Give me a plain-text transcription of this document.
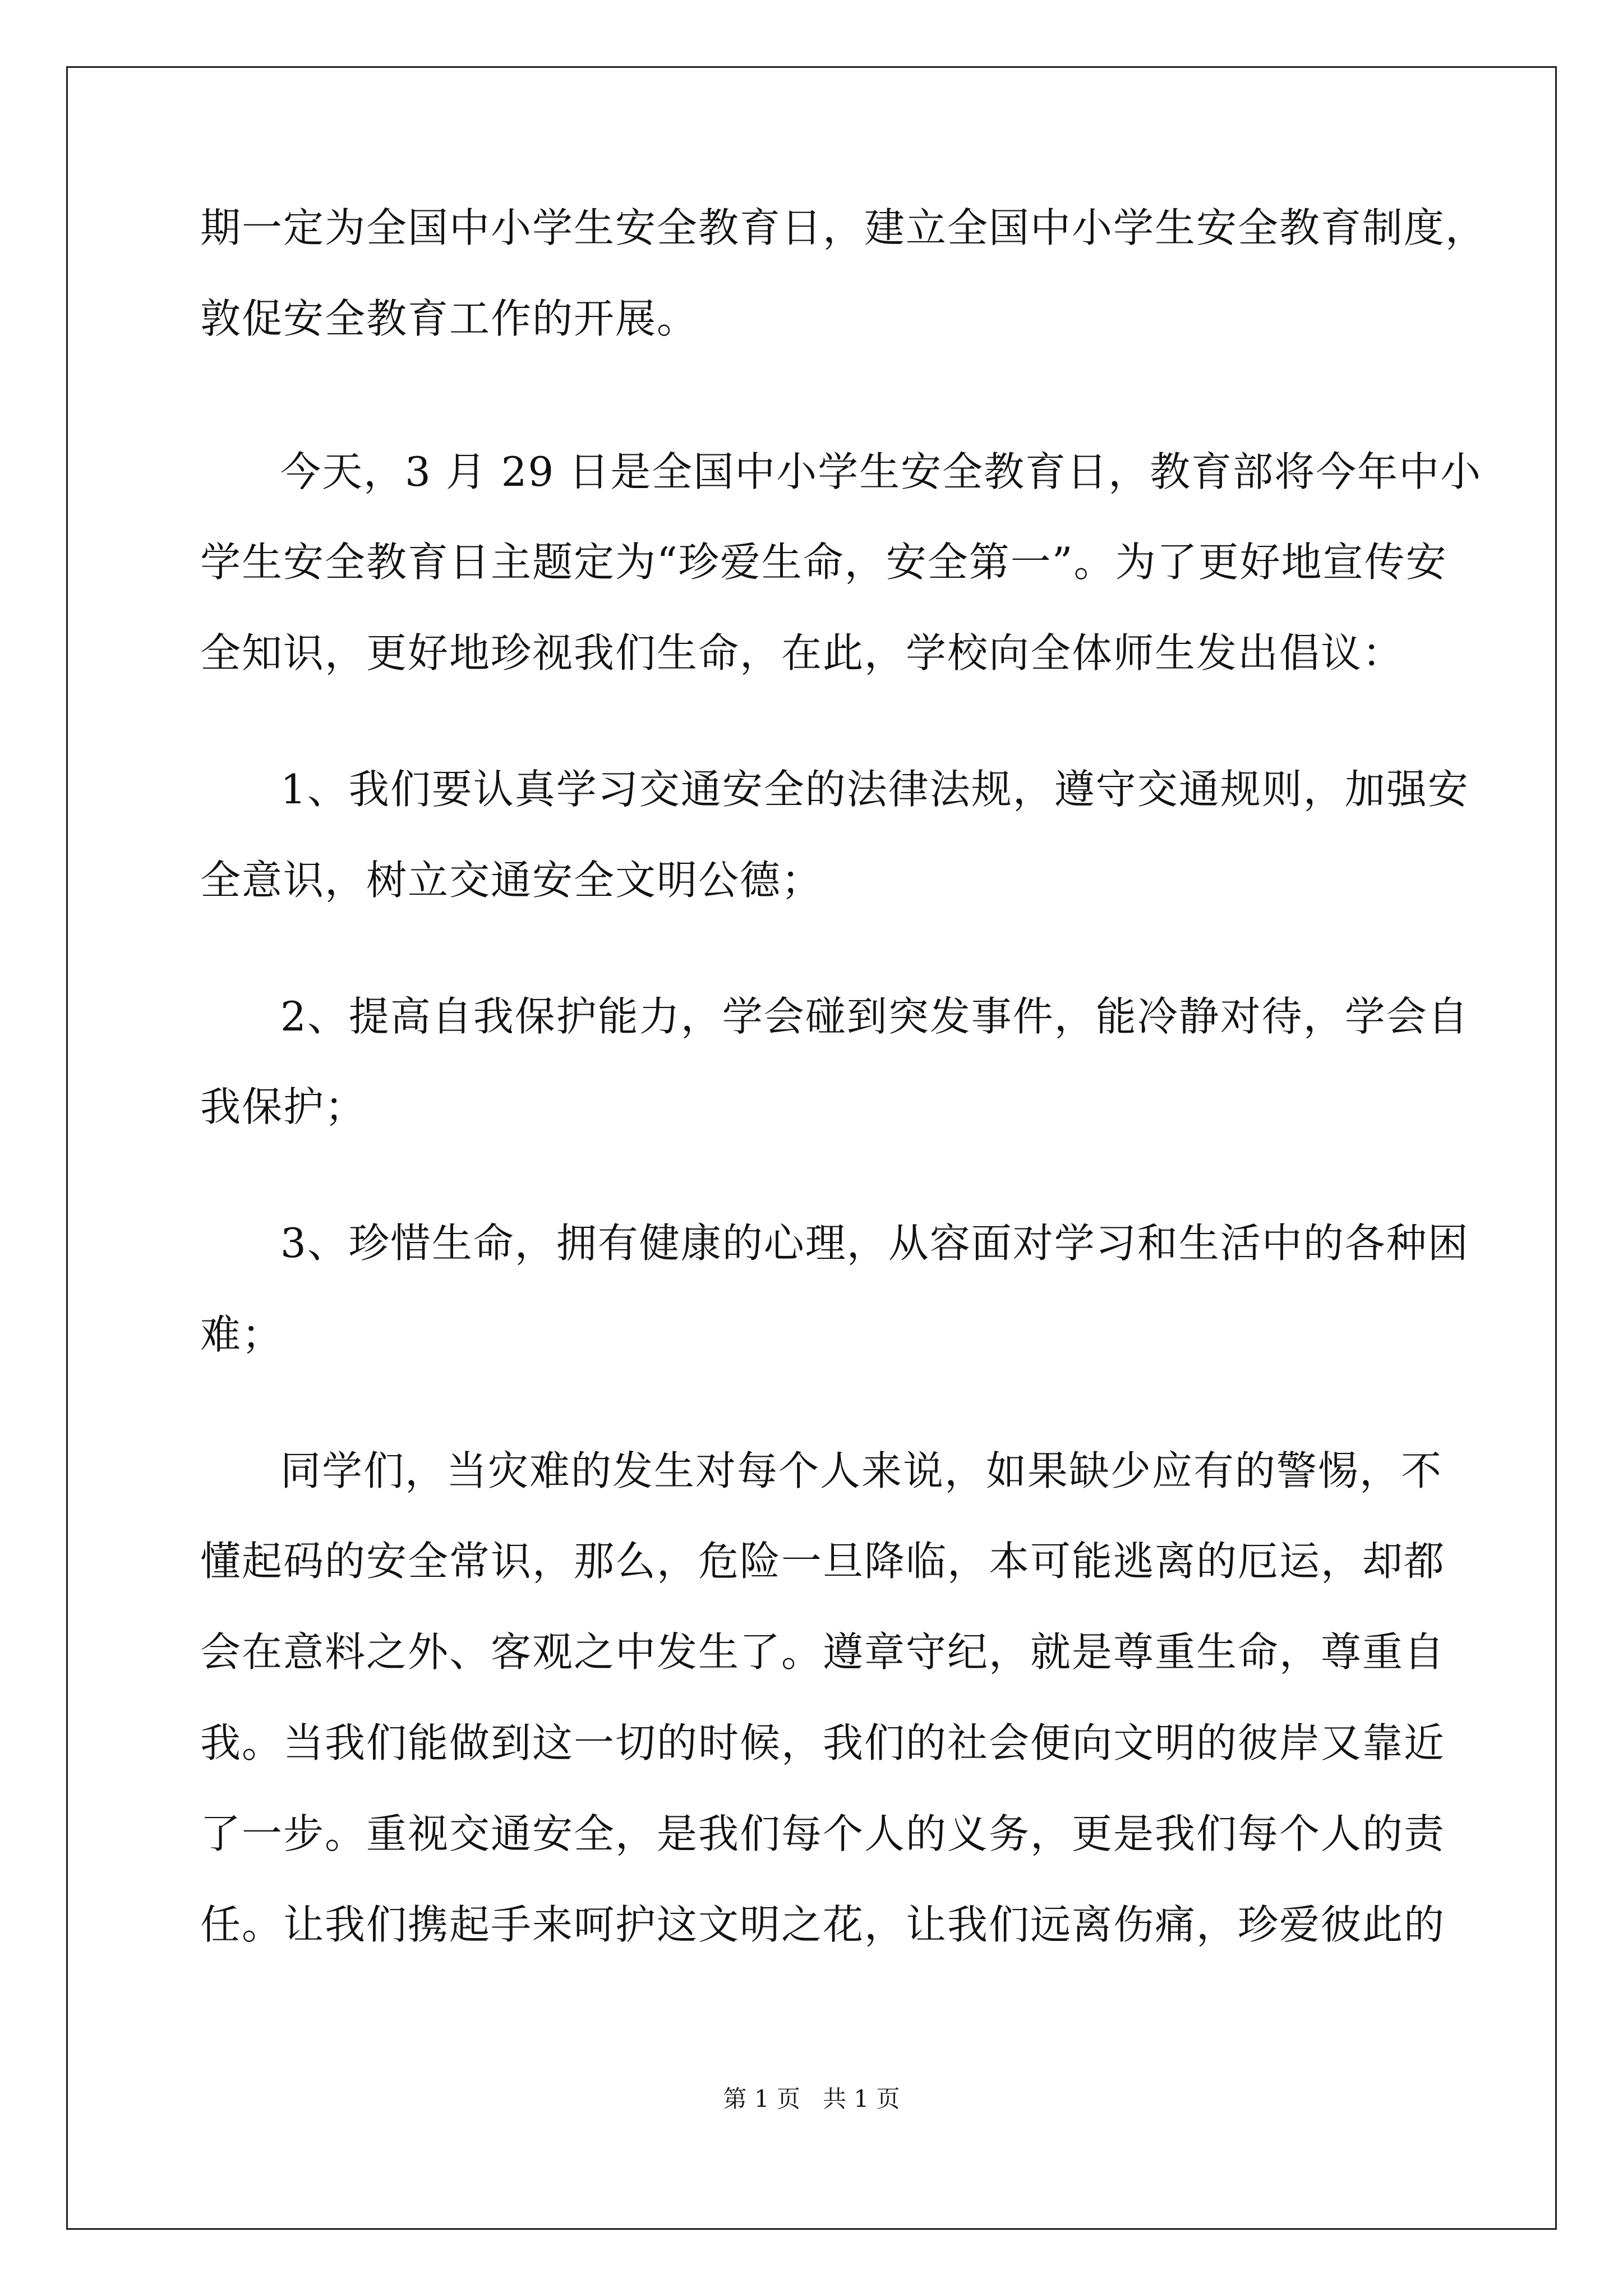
期一定为全国中小学生安全教育日，建立全国中小学生安全教育制度，
敦促安全教育工作的开展。
今天，3 月 29 日是全国中小学生安全教育日，教育部将今年中小
学生安全教育日主题定为“珍爱生命，安全第一”。为了更好地宣传安
全知识，更好地珍视我们生命，在此，学校向全体师生发出倡议：
1、我们要认真学习交通安全的法律法规，遵守交通规则，加强安
全意识，树立交通安全文明公德；
2、提高自我保护能力，学会碰到突发事件，能冷静对待，学会自
我保护；
3、珍惜生命，拥有健康的心理，从容面对学习和生活中的各种困
难；
同学们，当灾难的发生对每个人来说，如果缺少应有的警惕，不
懂起码的安全常识，那么，危险一旦降临，本可能逃离的厄运，却都
会在意料之外、客观之中发生了。遵章守纪，就是尊重生命，尊重自
我。当我们能做到这一切的时候，我们的社会便向文明的彼岸又靠近
了一步。重视交通安全，是我们每个人的义务，更是我们每个人的责
任。让我们携起手来呵护这文明之花，让我们远离伤痛，珍爱彼此的
第 1 页   共 1 页
